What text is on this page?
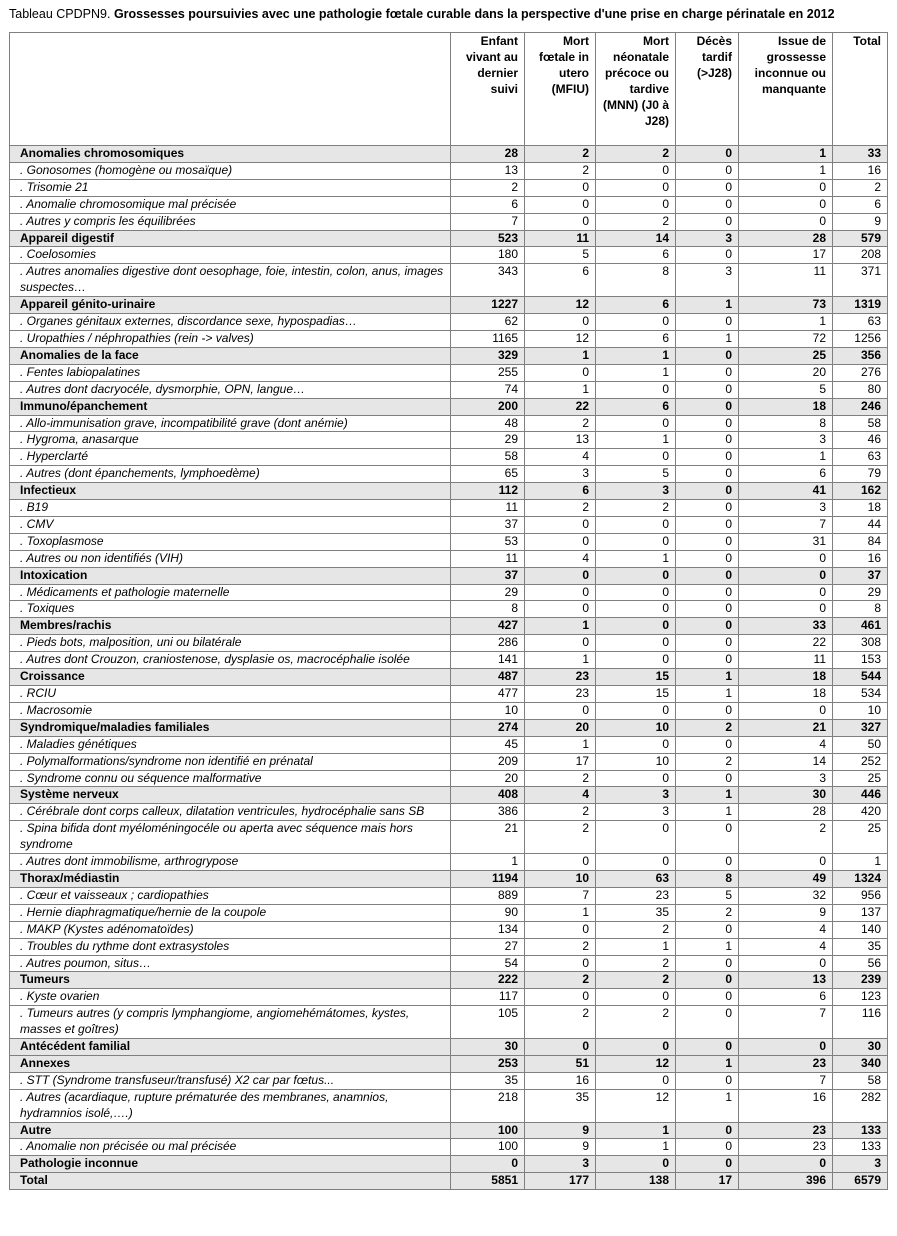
Tableau CPDPN9. Grossesses poursuivies avec une pathologie fœtale curable dans la perspective d'une prise en charge périnatale en 2012
	Enfant vivant au dernier suivi	Mort fœtale in utero (MFIU)	Mort néonatale précoce ou tardive (MNN) (J0 à J28)	Décès tardif (>J28)	Issue de grossesse inconnue ou manquante	Total
Anomalies chromosomiques	28	2	2	0	1	33
. Gonosomes (homogène ou mosaïque)	13	2	0	0	1	16
. Trisomie 21	2	0	0	0	0	2
. Anomalie chromosomique mal précisée	6	0	0	0	0	6
. Autres y compris les équilibrées	7	0	2	0	0	9
Appareil digestif	523	11	14	3	28	579
. Coelosomies	180	5	6	0	17	208
. Autres anomalies digestive dont oesophage, foie, intestin, colon, anus, images suspectes…	343	6	8	3	11	371
Appareil génito-urinaire	1227	12	6	1	73	1319
. Organes génitaux externes, discordance sexe, hypospadias…	62	0	0	0	1	63
. Uropathies / néphropathies (rein -> valves)	1165	12	6	1	72	1256
Anomalies de la face	329	1	1	0	25	356
. Fentes labiopalatines	255	0	1	0	20	276
. Autres dont dacryocéle, dysmorphie, OPN, langue…	74	1	0	0	5	80
Immuno/épanchement	200	22	6	0	18	246
. Allo-immunisation grave, incompatibilité grave (dont anémie)	48	2	0	0	8	58
. Hygroma, anasarque	29	13	1	0	3	46
. Hyperclarté	58	4	0	0	1	63
. Autres (dont épanchements, lymphoedème)	65	3	5	0	6	79
Infectieux	112	6	3	0	41	162
. B19	11	2	2	0	3	18
. CMV	37	0	0	0	7	44
. Toxoplasmose	53	0	0	0	31	84
. Autres ou non identifiés (VIH)	11	4	1	0	0	16
Intoxication	37	0	0	0	0	37
. Médicaments et pathologie maternelle	29	0	0	0	0	29
. Toxiques	8	0	0	0	0	8
Membres/rachis	427	1	0	0	33	461
. Pieds bots, malposition, uni ou bilatérale	286	0	0	0	22	308
. Autres dont Crouzon, craniostenose, dysplasie os, macrocéphalie isolée	141	1	0	0	11	153
Croissance	487	23	15	1	18	544
. RCIU	477	23	15	1	18	534
. Macrosomie	10	0	0	0	0	10
Syndromique/maladies familiales	274	20	10	2	21	327
. Maladies génétiques	45	1	0	0	4	50
. Polymalformations/syndrome non identifié en prénatal	209	17	10	2	14	252
. Syndrome connu ou séquence malformative	20	2	0	0	3	25
Système nerveux	408	4	3	1	30	446
. Cérébrale dont corps calleux, dilatation ventricules, hydrocéphalie sans SB	386	2	3	1	28	420
. Spina bifida dont myéloméningocéle ou aperta avec séquence mais hors syndrome	21	2	0	0	2	25
. Autres dont immobilisme, arthrogrypose	1	0	0	0	0	1
Thorax/médiastin	1194	10	63	8	49	1324
. Cœur et vaisseaux ; cardiopathies	889	7	23	5	32	956
. Hernie diaphragmatique/hernie de la coupole	90	1	35	2	9	137
. MAKP (Kystes adénomatoïdes)	134	0	2	0	4	140
. Troubles du rythme dont extrasystoles	27	2	1	1	4	35
. Autres poumon, situs…	54	0	2	0	0	56
Tumeurs	222	2	2	0	13	239
. Kyste ovarien	117	0	0	0	6	123
. Tumeurs autres (y compris lymphangiome, angiomehémátomes, kystes, masses et goîtres)	105	2	2	0	7	116
Antécédent familial	30	0	0	0	0	30
Annexes	253	51	12	1	23	340
. STT (Syndrome transfuseur/transfusé) X2 car par fœtus...	35	16	0	0	7	58
. Autres (acardiaque, rupture prématurée des membranes, anamnios, hydramnios isolé,….)	218	35	12	1	16	282
Autre	100	9	1	0	23	133
. Anomalie non précisée ou mal précisée	100	9	1	0	23	133
Pathologie inconnue	0	3	0	0	0	3
Total	5851	177	138	17	396	6579
